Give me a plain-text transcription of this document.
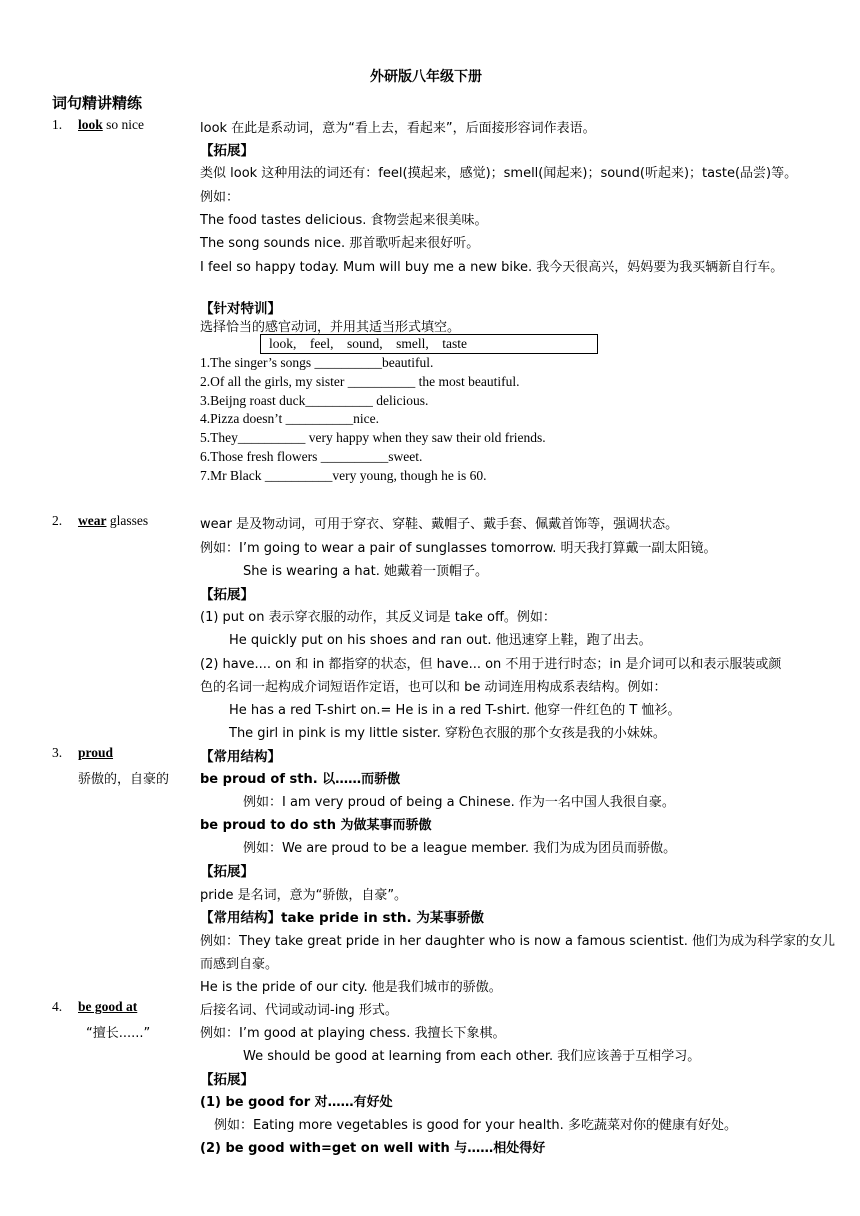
外研版八年级下册
词句精讲精练
1. look so nice	look 在此是系动词，意为“看上去，看起来”，后面接形容词作表语。
【拓展】
类似 look 这种用法的词还有：feel(摸起来，感觉)；smell(闻起来)；sound(听起来)；taste(品尝)等。
例如：
The food tastes delicious. 食物尝起来很美味。
The song sounds nice. 那首歌听起来很好听。
I feel so happy today. Mum will buy me a new bike. 我今天很高兴，妈妈要为我买辆新自行车。
【针对特训】
选择恰当的感官动词，并用其适当形式填空。
look,    feel,    sound,    smell,    taste
1.The singer’s songs __________beautiful.
2.Of all the girls, my sister __________ the most beautiful.
3.Beijng roast duck__________ delicious.
4.Pizza doesn’t __________nice.
5.They__________ very happy when they saw their old friends.
6.Those fresh flowers __________sweet.
7.Mr Black __________very young, though he is 60.
2. wear glasses	wear 是及物动词，可用于穿衣、穿鞋、戴帽子、戴手套、佩戴首饰等，强调状态。
例如：I’m going to wear a pair of sunglasses tomorrow. 明天我打算戴一副太阳镜。
She is wearing a hat. 她戴着一顶帽子。
【拓展】
(1) put on 表示穿衣服的动作，其反义词是 take off。例如：
He quickly put on his shoes and ran out. 他迅速穿上鞋，跑了出去。
(2) have.... on 和 in 都指穿的状态，但 have... on 不用于进行时态；in 是介词可以和表示服装或颜
色的名词一起构成介词短语作定语，也可以和 be 动词连用构成系表结构。例如：
He has a red T-shirt on.= He is in a red T-shirt. 他穿一件红色的 T 恤衫。
The girl in pink is my little sister. 穿粉色衣服的那个女孩是我的小妹妹。
3. proud
骄傲的，自豪的
【常用结构】
be proud of sth. 以……而骄傲
例如：I am very proud of being a Chinese. 作为一名中国人我很自豪。
be proud to do sth 为做某事而骄傲
例如：We are proud to be a league member. 我们为成为团员而骄傲。
【拓展】
pride 是名词，意为“骄傲，自豪”。
【常用结构】take pride in sth. 为某事骄傲
例如：They take great pride in her daughter who is now a famous scientist. 他们为成为科学家的女儿
而感到自豪。
He is the pride of our city. 他是我们城市的骄傲。
4. be good at
“擅长......”
后接名词、代词或动词-ing 形式。
例如：I’m good at playing chess. 我擅长下象棋。
We should be good at learning from each other. 我们应该善于互相学习。
【拓展】
(1) be good for 对……有好处
例如：Eating more vegetables is good for your health. 多吃蔬菜对你的健康有好处。
(2) be good with=get on well with 与……相处得好
